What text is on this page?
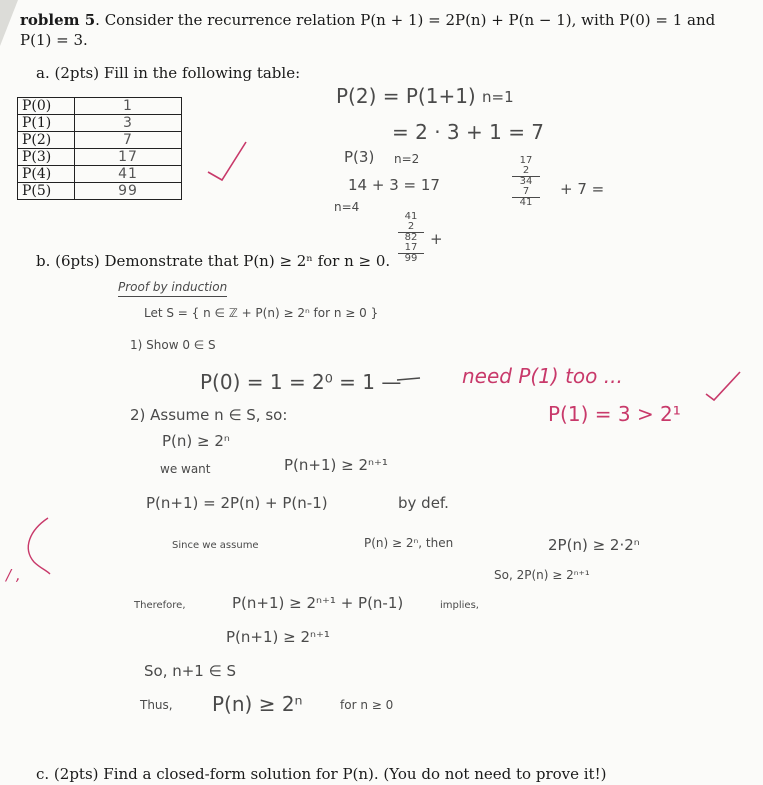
roblem 5. Consider the recurrence relation P(n + 1) = 2P(n) + P(n − 1), with P(0) = 1 and
P(1) = 3.
a. (2pts) Fill in the following table:
P(0)	1
P(1)	3
P(2)	7
P(3)	17
P(4)	41
P(5)	99
P(2) = P(1+1) n=1
= 2 · 3 + 1 = 7
P(3) n=2
14 + 3 = 17
n=4
41
2
82
17
99
+
17
2
34
7
41
+ 7 =
b. (6pts) Demonstrate that P(n) ≥ 2ⁿ for n ≥ 0.
Proof by induction
Let S = { n ∈ ℤ + P(n) ≥ 2ⁿ for n ≥ 0 }
1) Show 0 ∈ S
P(0) = 1 = 2⁰ = 1 —
2) Assume n ∈ S, so:
P(n) ≥ 2ⁿ
we want	P(n+1) ≥ 2ⁿ⁺¹
P(n+1) = 2P(n) + P(n-1)	by def.
Since we assume	P(n) ≥ 2ⁿ, then	2P(n) ≥ 2·2ⁿ
So, 2P(n) ≥ 2ⁿ⁺¹
Therefore,	P(n+1) ≥ 2ⁿ⁺¹ + P(n-1)	implies,
P(n+1) ≥ 2ⁿ⁺¹
So, n+1 ∈ S
Thus, P(n) ≥ 2ⁿ	for n ≥ 0
need P(1) too ...
P(1) = 3 > 2¹
/ ,
c. (2pts) Find a closed-form solution for P(n). (You do not need to prove it!)
